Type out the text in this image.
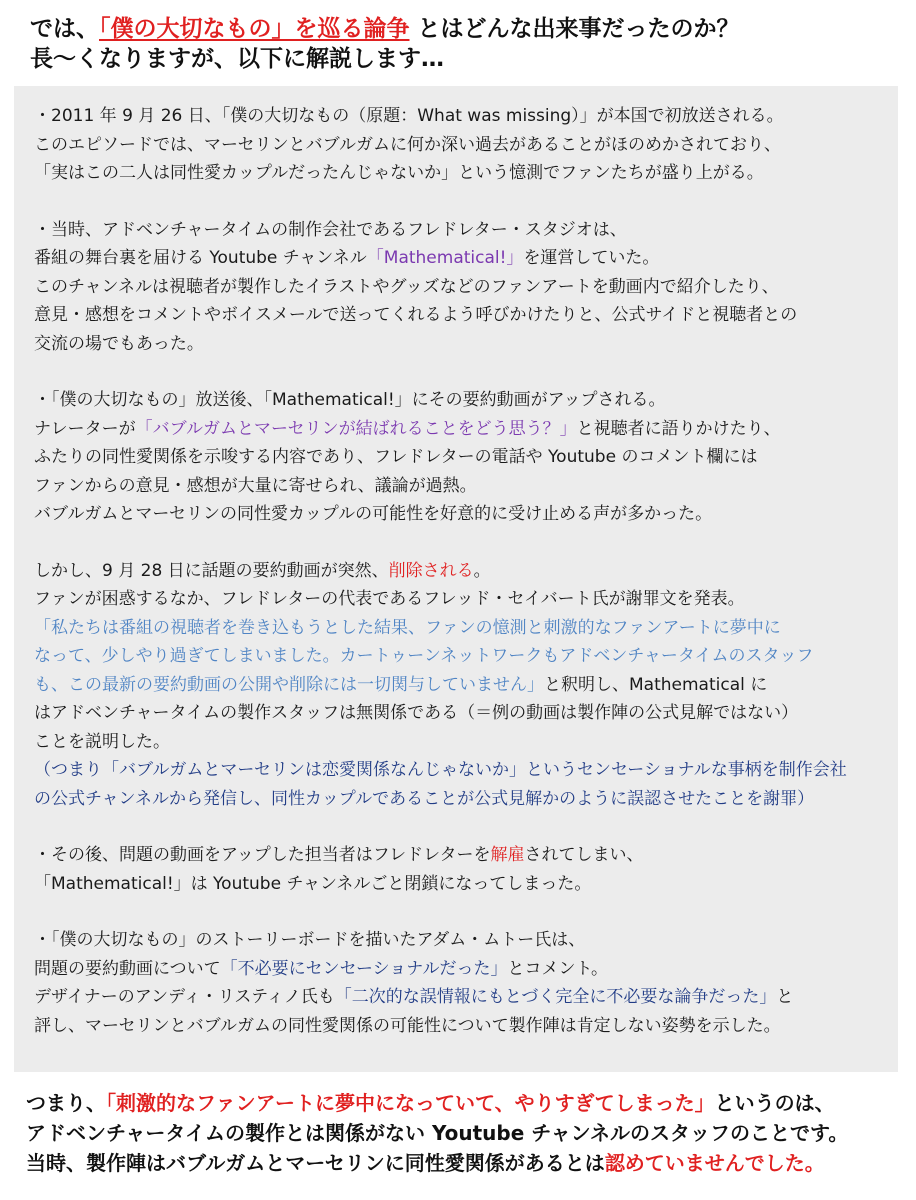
では、「僕の大切なもの」を巡る論争 とはどんな出来事だったのか？
長～くなりますが、以下に解説します…
・2011 年 9 月 26 日、「僕の大切なもの（原題：What was missing）」が本国で初放送される。
このエピソードでは、マーセリンとバブルガムに何か深い過去があることがほのめかされており、
「実はこの二人は同性愛カップルだったんじゃないか」という憶測でファンたちが盛り上がる。
・当時、アドベンチャータイムの制作会社であるフレドレター・スタジオは、
番組の舞台裏を届ける Youtube チャンネル「Mathematical!」を運営していた。
このチャンネルは視聴者が製作したイラストやグッズなどのファンアートを動画内で紹介したり、
意見・感想をコメントやボイスメールで送ってくれるよう呼びかけたりと、公式サイドと視聴者との
交流の場でもあった。
・「僕の大切なもの」放送後、「Mathematical!」にその要約動画がアップされる。
ナレーターが「バブルガムとマーセリンが結ばれることをどう思う？」と視聴者に語りかけたり、
ふたりの同性愛関係を示唆する内容であり、フレドレターの電話や Youtube のコメント欄には
ファンからの意見・感想が大量に寄せられ、議論が過熱。
バブルガムとマーセリンの同性愛カップルの可能性を好意的に受け止める声が多かった。
しかし、9 月 28 日に話題の要約動画が突然、削除される。
ファンが困惑するなか、フレドレターの代表であるフレッド・セイバート氏が謝罪文を発表。
「私たちは番組の視聴者を巻き込もうとした結果、ファンの憶測と刺激的なファンアートに夢中に
なって、少しやり過ぎてしまいました。カートゥーンネットワークもアドベンチャータイムのスタッフ
も、この最新の要約動画の公開や削除には一切関与していません」と釈明し、Mathematical に
はアドベンチャータイムの製作スタッフは無関係である（＝例の動画は製作陣の公式見解ではない）
ことを説明した。
（つまり「バブルガムとマーセリンは恋愛関係なんじゃないか」というセンセーショナルな事柄を制作会社
の公式チャンネルから発信し、同性カップルであることが公式見解かのように誤認させたことを謝罪）
・その後、問題の動画をアップした担当者はフレドレターを解雇されてしまい、
「Mathematical!」は Youtube チャンネルごと閉鎖になってしまった。
・「僕の大切なもの」のストーリーボードを描いたアダム・ムトー氏は、
問題の要約動画について「不必要にセンセーショナルだった」とコメント。
デザイナーのアンディ・リスティノ氏も「二次的な誤情報にもとづく完全に不必要な論争だった」と
評し、マーセリンとバブルガムの同性愛関係の可能性について製作陣は肯定しない姿勢を示した。
つまり、「刺激的なファンアートに夢中になっていて、やりすぎてしまった」というのは、
アドベンチャータイムの製作とは関係がない Youtube チャンネルのスタッフのことです。
当時、製作陣はバブルガムとマーセリンに同性愛関係があるとは認めていませんでした。
